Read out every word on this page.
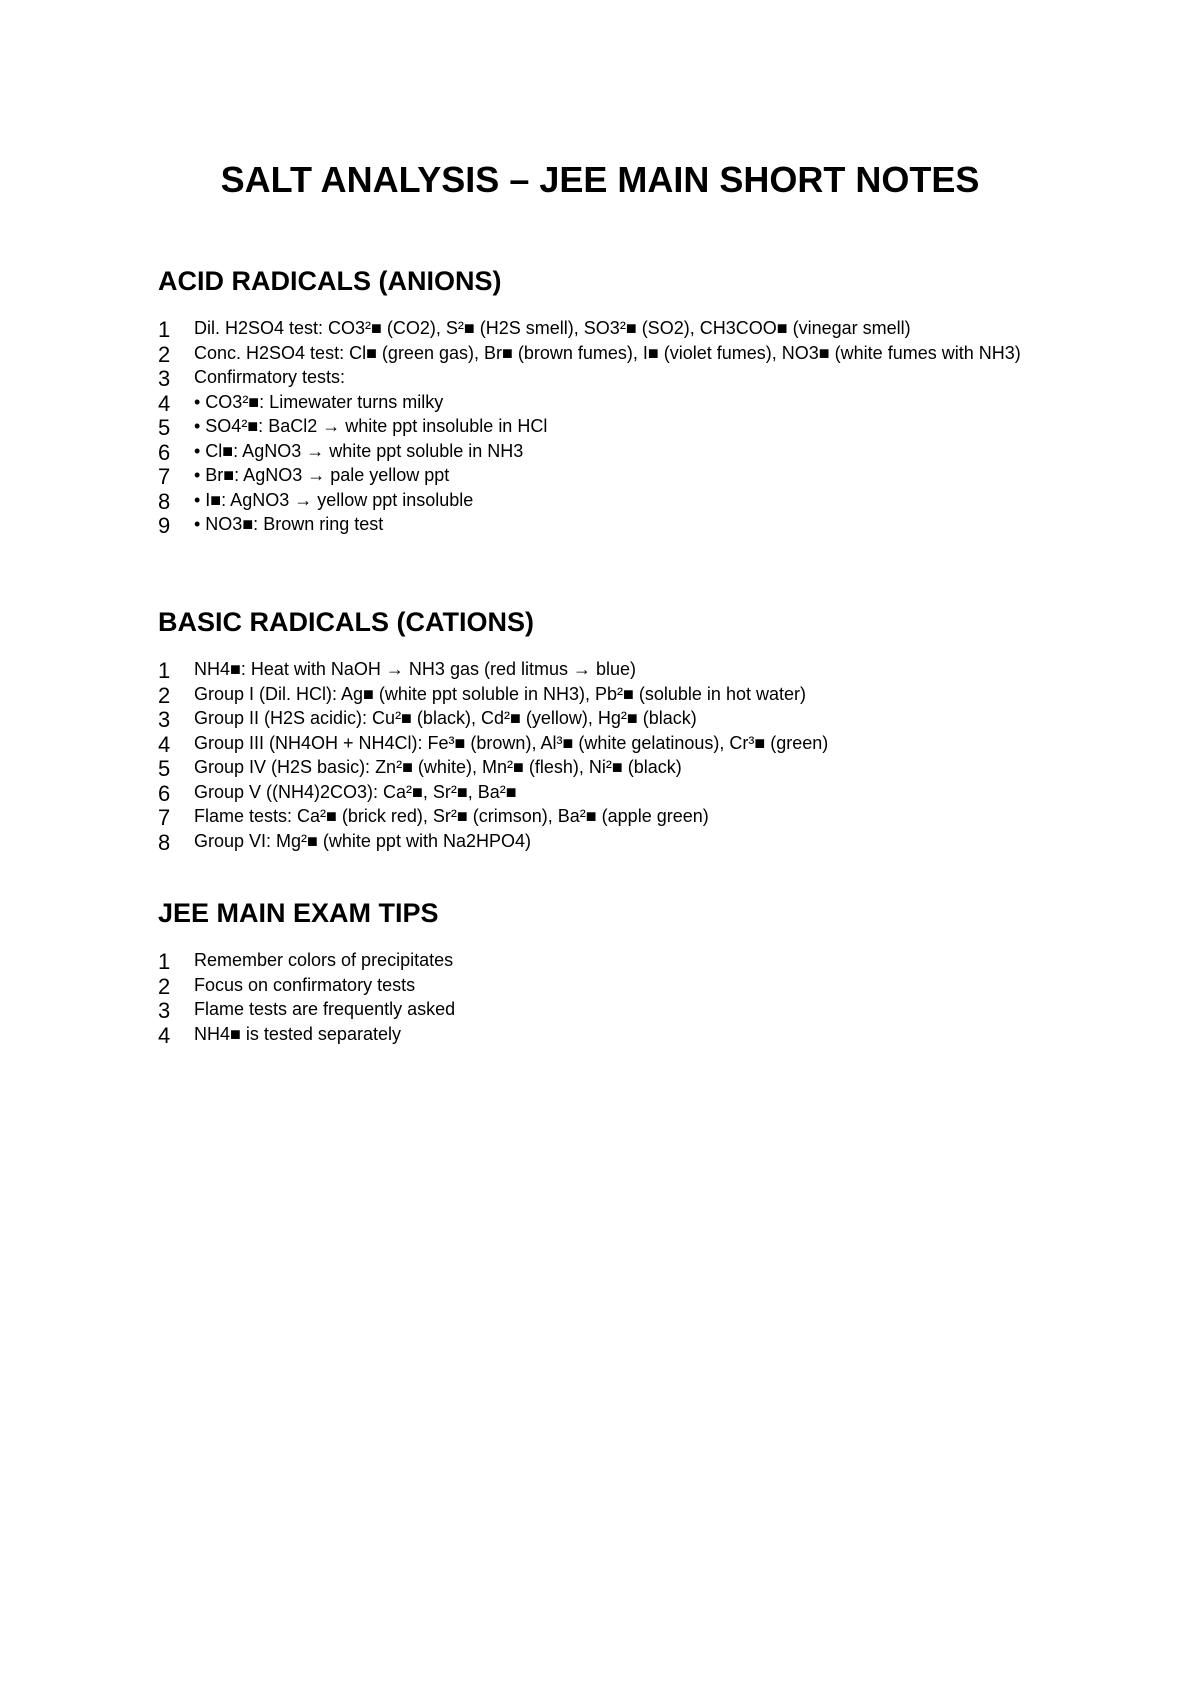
SALT ANALYSIS – JEE MAIN SHORT NOTES
ACID RADICALS (ANIONS)
1 Dil. H2SO4 test: CO3²■ (CO2), S²■ (H2S smell), SO3²■ (SO2), CH3COO■ (vinegar smell)
2 Conc. H2SO4 test: Cl■ (green gas), Br■ (brown fumes), I■ (violet fumes), NO3■ (white fumes with NH3)
3 Confirmatory tests:
4 • CO3²■: Limewater turns milky
5 • SO4²■: BaCl2 → white ppt insoluble in HCl
6 • Cl■: AgNO3 → white ppt soluble in NH3
7 • Br■: AgNO3 → pale yellow ppt
8 • I■: AgNO3 → yellow ppt insoluble
9 • NO3■: Brown ring test
BASIC RADICALS (CATIONS)
1 NH4■: Heat with NaOH → NH3 gas (red litmus → blue)
2 Group I (Dil. HCl): Ag■ (white ppt soluble in NH3), Pb²■ (soluble in hot water)
3 Group II (H2S acidic): Cu²■ (black), Cd²■ (yellow), Hg²■ (black)
4 Group III (NH4OH + NH4Cl): Fe³■ (brown), Al³■ (white gelatinous), Cr³■ (green)
5 Group IV (H2S basic): Zn²■ (white), Mn²■ (flesh), Ni²■ (black)
6 Group V ((NH4)2CO3): Ca²■, Sr²■, Ba²■
7 Flame tests: Ca²■ (brick red), Sr²■ (crimson), Ba²■ (apple green)
8 Group VI: Mg²■ (white ppt with Na2HPO4)
JEE MAIN EXAM TIPS
1 Remember colors of precipitates
2 Focus on confirmatory tests
3 Flame tests are frequently asked
4 NH4■ is tested separately
